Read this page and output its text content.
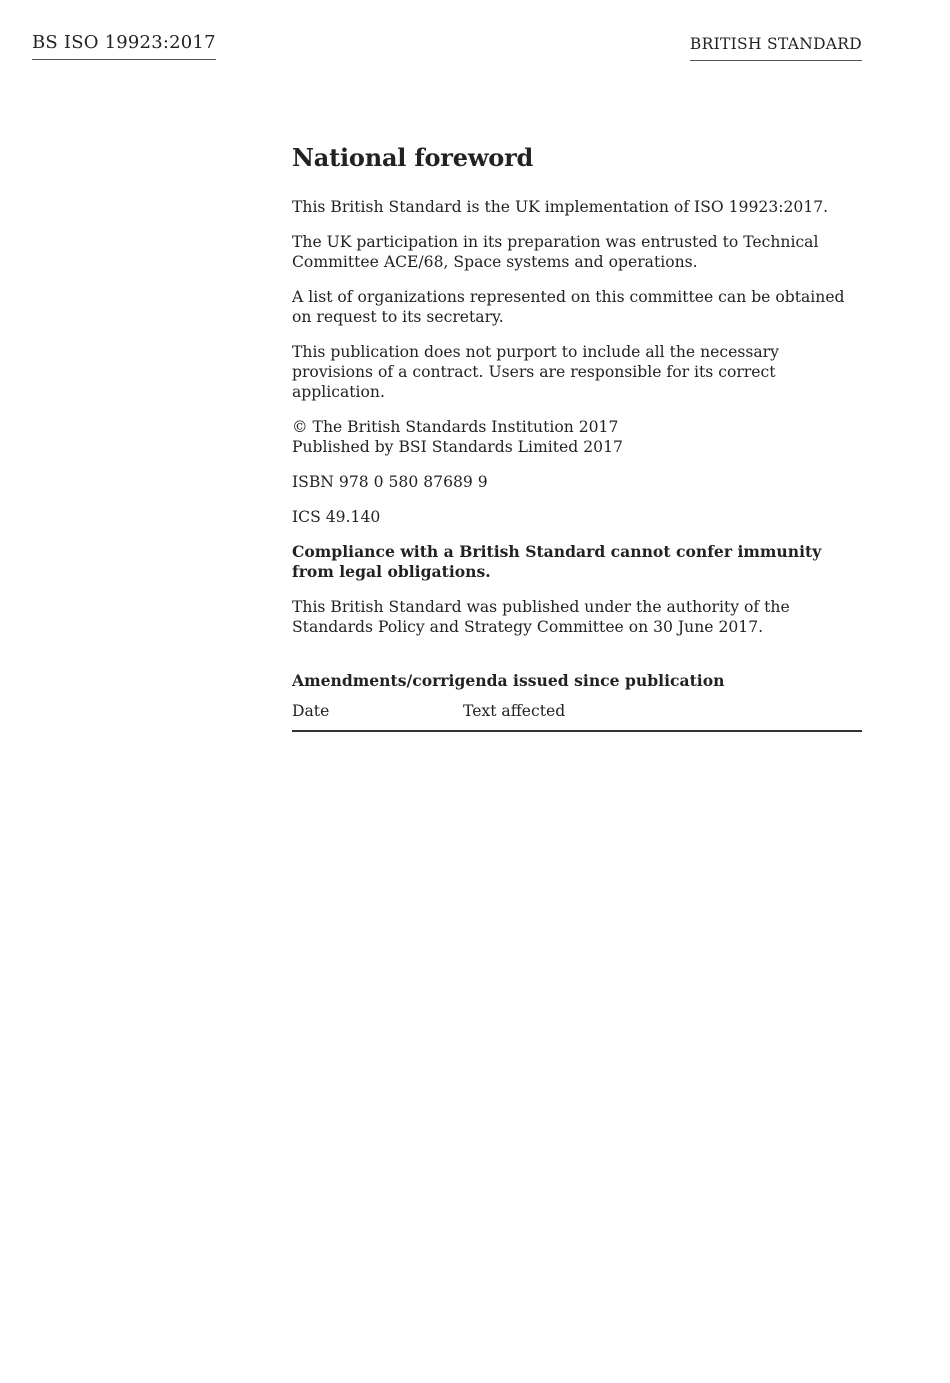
BS ISO 19923:2017	BRITISH STANDARD
National foreword

This British Standard is the UK implementation of ISO 19923:2017.

The UK participation in its preparation was entrusted to Technical Committee ACE/68, Space systems and operations.

A list of organizations represented on this committee can be obtained on request to its secretary.

This publication does not purport to include all the necessary provisions of a contract. Users are responsible for its correct application.

© The British Standards Institution 2017
Published by BSI Standards Limited 2017

ISBN 978 0 580 87689 9

ICS 49.140

Compliance with a British Standard cannot confer immunity from legal obligations.

This British Standard was published under the authority of the Standards Policy and Strategy Committee on 30 June 2017.

Amendments/corrigenda issued since publication
Date	Text affected
